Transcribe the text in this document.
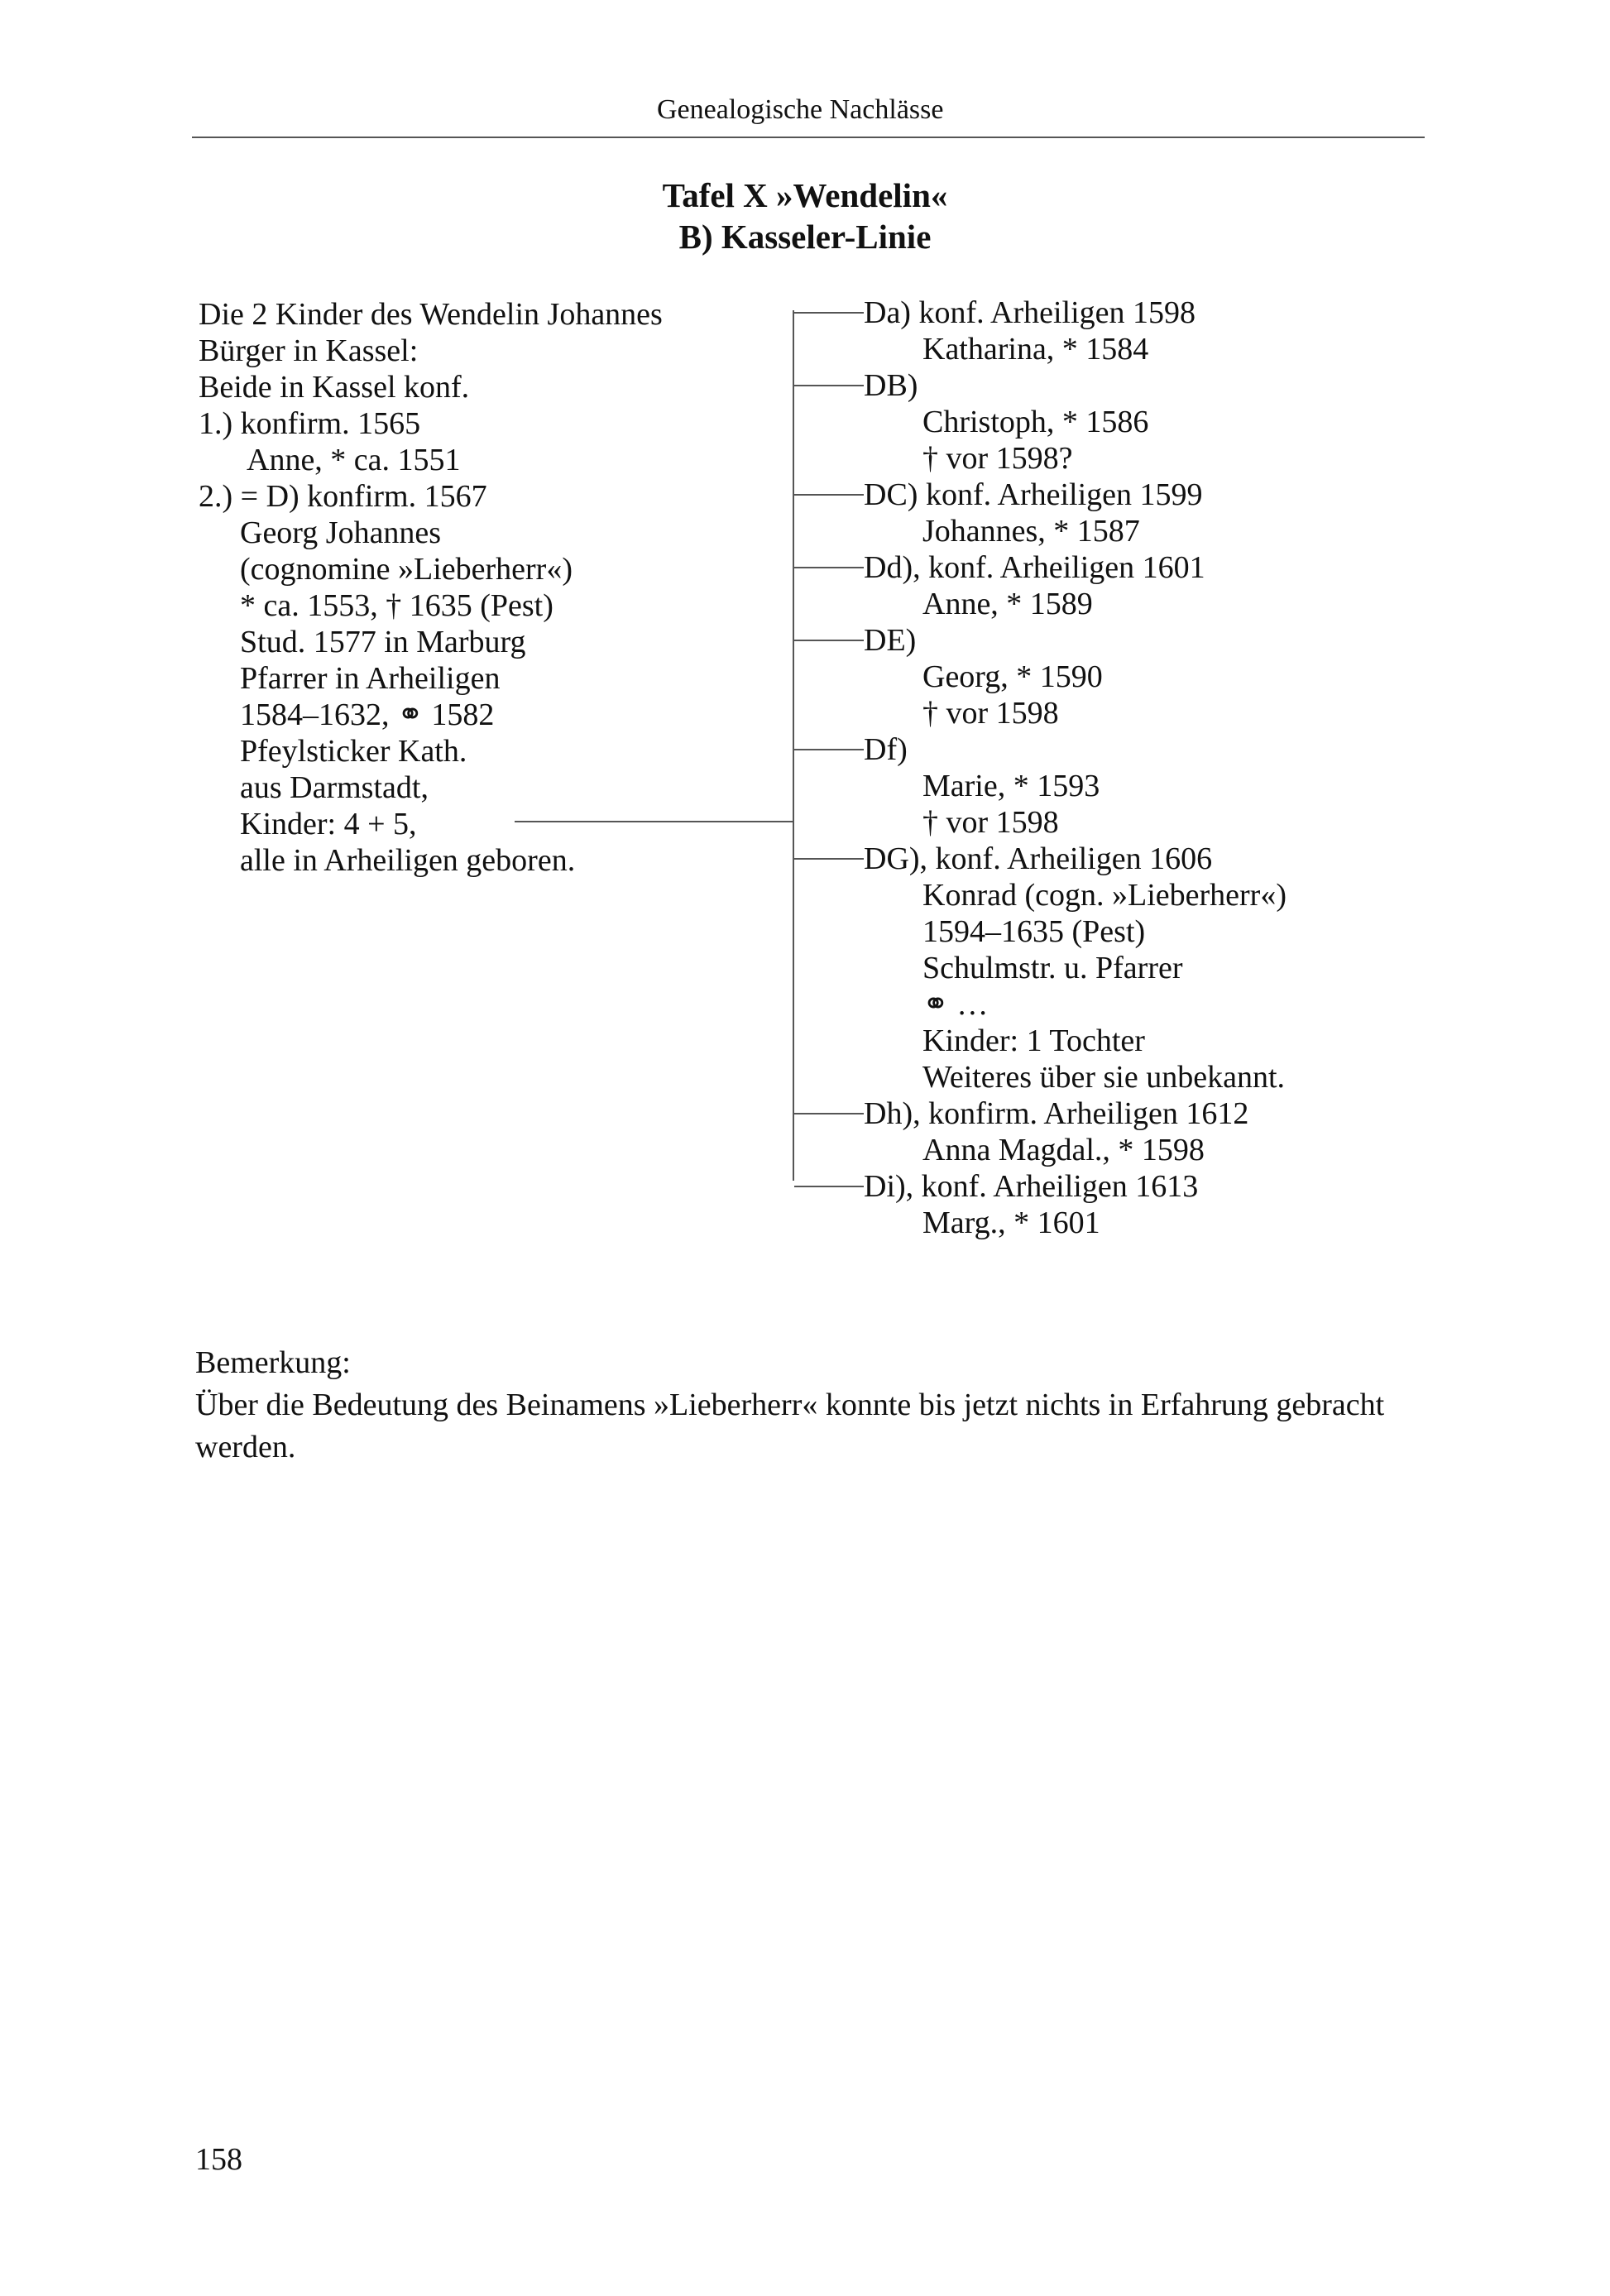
Genealogische Nachlässe
Tafel X »Wendelin«
B) Kasseler-Linie
Die 2 Kinder des Wendelin Johannes
Bürger in Kassel:
Beide in Kassel konf.
1.) konfirm. 1565
Anne, * ca. 1551
2.) = D) konfirm. 1567
Georg Johannes
(cognomine »Lieberherr«)
* ca. 1553, † 1635 (Pest)
Stud. 1577 in Marburg
Pfarrer in Arheiligen
1584–1632, ⚭ 1582
Pfeylsticker Kath.
aus Darmstadt,
Kinder: 4 + 5,
alle in Arheiligen geboren.
Da) konf. Arheiligen 1598
Katharina, * 1584
DB)
Christoph, * 1586
† vor 1598?
DC) konf. Arheiligen 1599
Johannes, * 1587
Dd), konf. Arheiligen 1601
Anne, * 1589
DE)
Georg, * 1590
† vor 1598
Df)
Marie, * 1593
† vor 1598
DG), konf. Arheiligen 1606
Konrad (cogn. »Lieberherr«)
1594–1635 (Pest)
Schulmstr. u. Pfarrer
⚭ …
Kinder: 1 Tochter
Weiteres über sie unbekannt.
Dh), konfirm. Arheiligen 1612
Anna Magdal., * 1598
Di), konf. Arheiligen 1613
Marg., * 1601
Bemerkung:
Über die Bedeutung des Beinamens »Lieberherr« konnte bis jetzt nichts in Erfahrung gebracht
werden.
158
